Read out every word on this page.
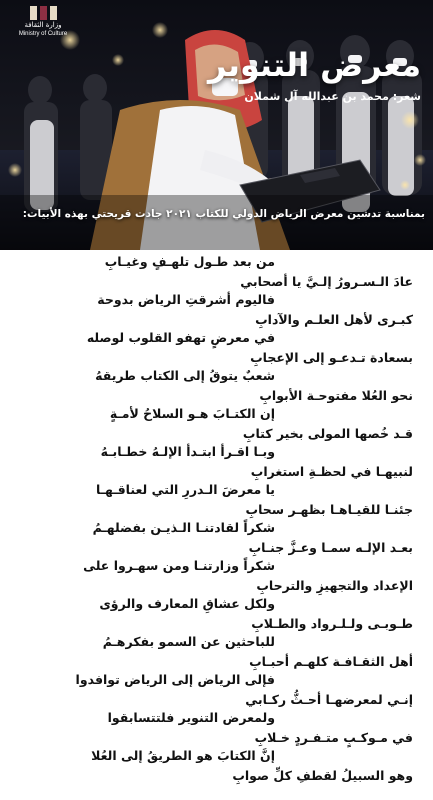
وزارة الثقافة
Ministry of Culture
معرض التنوير
شعر: محمد بن عبدالله آل شملان
بمناسبة تدشين معرض الرياض الدولي للكتاب ٢٠٢١ جادت قريحتي بهذه الأبيات:
من بعد طـول تلهـفٍ وغيـابِ
عادَ الـسـرورُ إلـيَّ يا أصحابي
فاليوم أشرقتِ الرياض بدوحة
كبـرى لأهل العلـم والآدابِ
في معرضٍ تهفو القلوب لوصله
بسعادة تـدعـو إلى الإعجابِ
شعبٌ يتوقُ إلى الكتاب طريقهُ
نحو العُلا مفتوحـة الأبوابِ
إن الكتـابَ هـو السلاحُ لأمـةٍ
قـد خُصها المولى بخير كتابِ
وبـا اقـرأ ابتـدأ الإلـهُ خطـابـهُ
لنبيهـا في لحظـةِ استغرابِ
يا معرضَ الـدررِ التي لعناقـهـا
جئنـا للقيـاهـا بظهـر سحابِ
شكراً لقادتنـا الـذيـن بفضلهـمُ
بعـد الإلـه سمـا وعـزَّ جنـابِ
شكراً وزارتنـا ومن سهـروا على
الإعداد والتجهيزِ والترحابِ
ولكل عشاقِ المعارف والرؤى
طـوبـى ولـلـرواد والطـلابِ
للباحثين عن السمو بفكرهـمُ
أهل الثقـافـة كلهـم أحبـابِ
فإلى الرياض إلى الرياض توافدوا
إنـي لمعرضهـا أحـثُّ ركـابي
ولمعرض التنوير فلتتسابقوا
في مـوكـبٍ متـفـردٍ خـلابِ
إنَّ الكتابَ هو الطريقُ إلى العُلا
وهو السبيلُ لقطفِ كلِّ صوابِ
